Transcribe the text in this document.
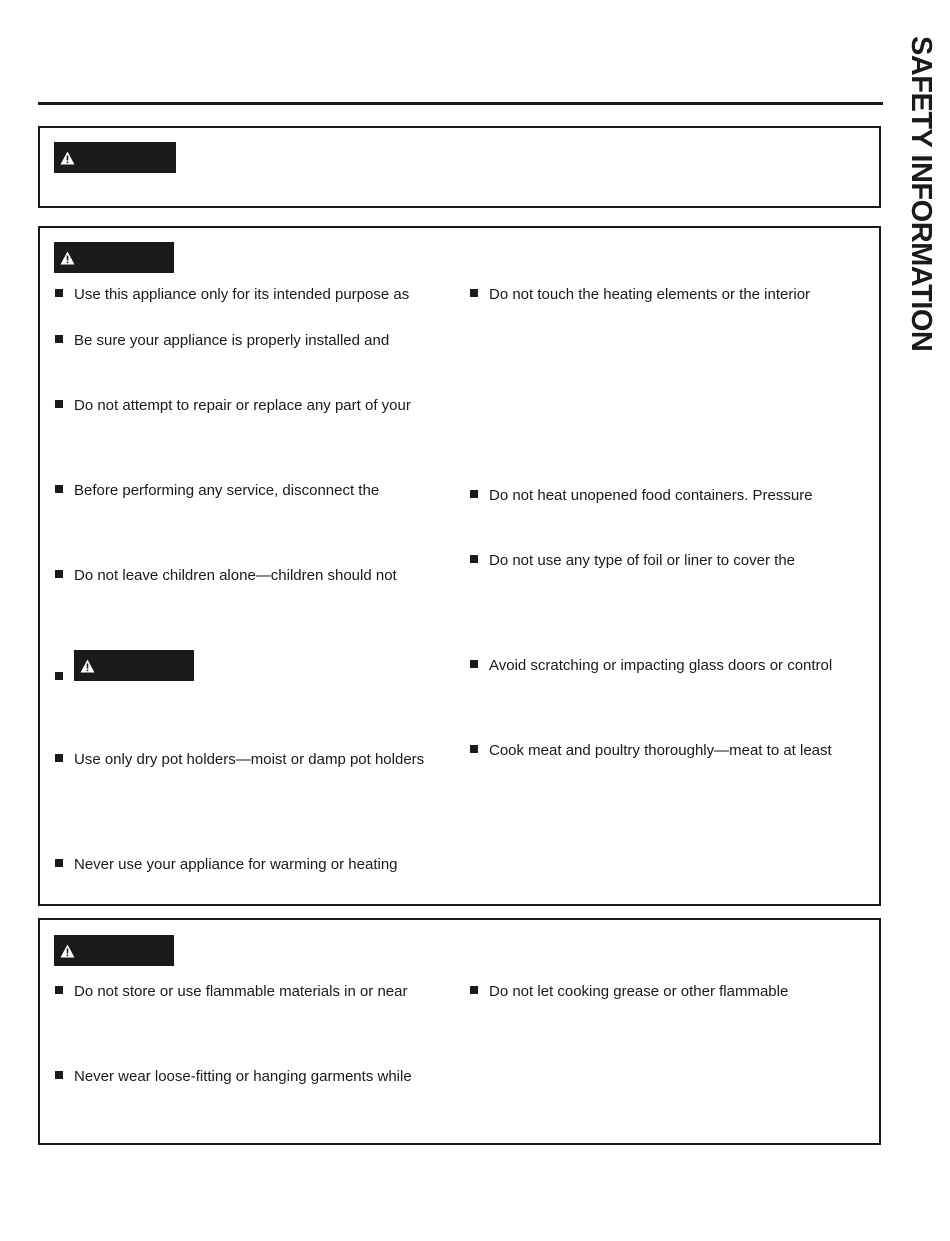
SAFETY INFORMATION
Use this appliance only for its intended purpose as
Be sure your appliance is properly installed and
Do not attempt to repair or replace any part of your
Before performing any service, disconnect the
Do not leave children alone—children should not
Use only dry pot holders—moist or damp pot holders
Never use your appliance for warming or heating
Do not touch the heating elements or the interior
Do not heat unopened food containers. Pressure
Do not use any type of foil or liner to cover the
Avoid scratching or impacting glass doors or control
Cook meat and poultry thoroughly—meat to at least
Do not store or use flammable materials in or near
Never wear loose-fitting or hanging garments while
Do not let cooking grease or other flammable
